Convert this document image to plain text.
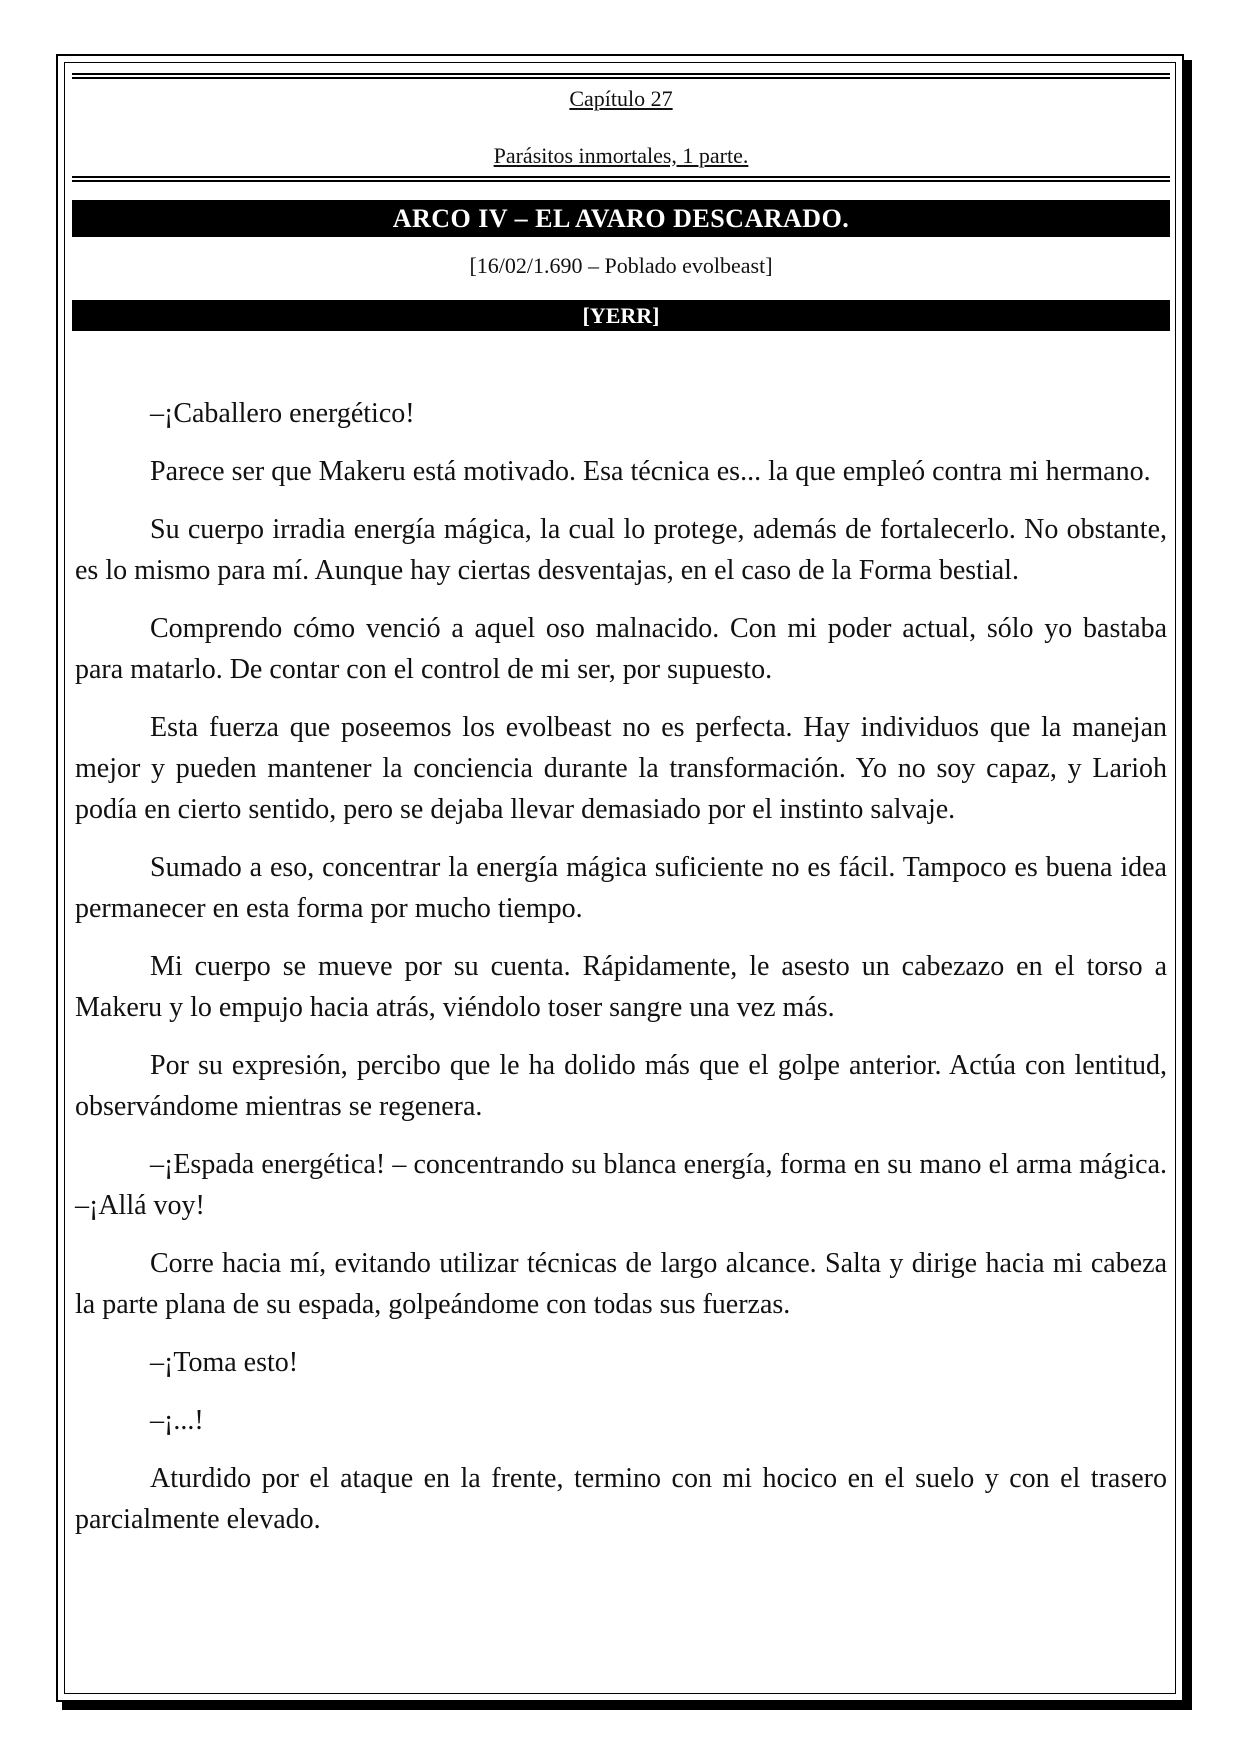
Capítulo 27
Parásitos inmortales, 1 parte.
ARCO IV – EL AVARO DESCARADO.
[16/02/1.690 – Poblado evolbeast]
[YERR]

–¡Caballero energético!

Parece ser que Makeru está motivado. Esa técnica es... la que empleó contra mi hermano.

Su cuerpo irradia energía mágica, la cual lo protege, además de fortalecerlo. No obstante, es lo mismo para mí. Aunque hay ciertas desventajas, en el caso de la Forma bestial.

Comprendo cómo venció a aquel oso malnacido. Con mi poder actual, sólo yo bastaba para matarlo. De contar con el control de mi ser, por supuesto.

Esta fuerza que poseemos los evolbeast no es perfecta. Hay individuos que la manejan mejor y pueden mantener la conciencia durante la transformación. Yo no soy capaz, y Larioh podía en cierto sentido, pero se dejaba llevar demasiado por el instinto salvaje.

Sumado a eso, concentrar la energía mágica suficiente no es fácil. Tampoco es buena idea permanecer en esta forma por mucho tiempo.

Mi cuerpo se mueve por su cuenta. Rápidamente, le asesto un cabezazo en el torso a Makeru y lo empujo hacia atrás, viéndolo toser sangre una vez más.

Por su expresión, percibo que le ha dolido más que el golpe anterior. Actúa con lentitud, observándome mientras se regenera.

–¡Espada energética! – concentrando su blanca energía, forma en su mano el arma mágica. –¡Allá voy!

Corre hacia mí, evitando utilizar técnicas de largo alcance. Salta y dirige hacia mi cabeza la parte plana de su espada, golpeándome con todas sus fuerzas.

–¡Toma esto!

–¡...!

Aturdido por el ataque en la frente, termino con mi hocico en el suelo y con el trasero parcialmente elevado.
